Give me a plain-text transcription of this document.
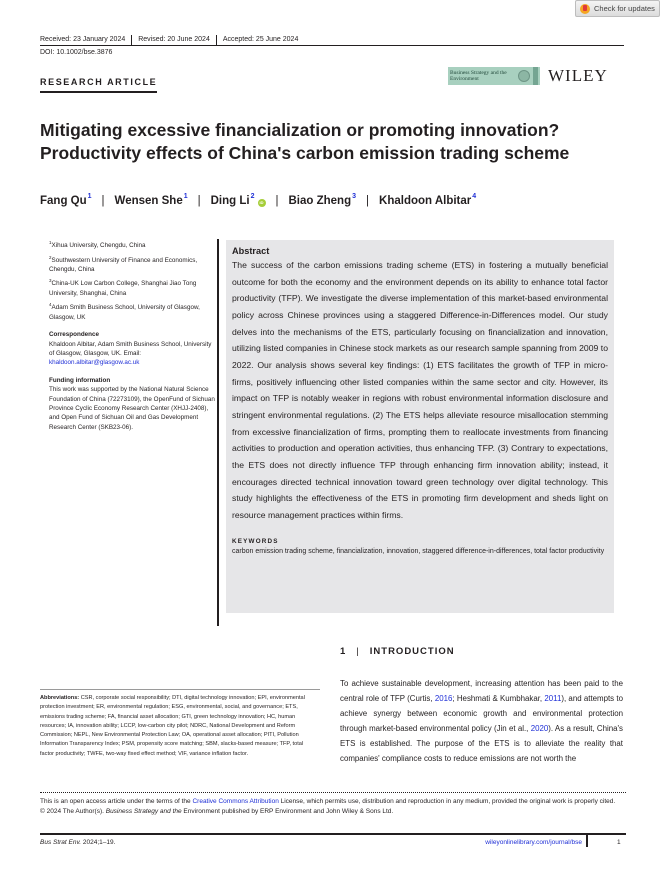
Check for updates
Received: 23 January 2024	Revised: 20 June 2024	Accepted: 25 June 2024
DOI: 10.1002/bse.3876
RESEARCH ARTICLE
Business Strategy and the Environment	WILEY
Mitigating excessive financialization or promoting innovation? Productivity effects of China's carbon emission trading scheme
Fang Qu$^1$ | Wensen She$^1$ | Ding Li$^2$iD | Biao Zheng$^3$ | Khaldoon Albitar$^4$
$^1$Xihua University, Chengdu, China
$^2$Southwestern University of Finance and Economics, Chengdu, China
$^3$China-UK Low Carbon College, Shanghai Jiao Tong University, Shanghai, China
$^4$Adam Smith Business School, University of Glasgow, Glasgow, UK
Correspondence
Khaldoon Albitar, Adam Smith Business School, University of Glasgow, Glasgow, UK. Email: khaldoon.albitar@glasgow.ac.uk
Funding information
This work was supported by the National Natural Science Foundation of China (72273109), the OpenFund of Sichuan Province Cyclic Economy Research Center (XHJJ-2408), and Open Fund of Sichuan Oil and Gas Development Research Center (SKB23-06).
Abstract
The success of the carbon emissions trading scheme (ETS) in fostering a mutually beneficial outcome for both the economy and the environment depends on its ability to enhance total factor productivity (TFP). We investigate the diverse implementation of this market-based environmental policy across Chinese provinces using a staggered Difference-in-Differences model. Our study delves into the mechanisms of the ETS, particularly focusing on financialization and innovation, utilizing listed companies in Chinese stock markets as our research sample spanning from 2009 to 2022. Our analysis shows several key findings: (1) ETS facilitates the growth of TFP in micro-firms, positively influencing other listed companies within the same sector and city. However, its impact on TFP is notably weaker in regions with robust environmental information disclosure and stringent environmental regulations. (2) The ETS helps alleviate resource misallocation stemming from excessive financialization of firms, prompting them to reallocate investments from financing activities to production and operation activities, thus enhancing TFP. (3) Contrary to expectations, the ETS does not directly influence TFP through enhancing firm innovation ability; instead, it encourages directed technical innovation toward green technology over digital technology. This study highlights the effectiveness of the ETS in promoting firm development and sheds light on resource management practices within firms.
KEYWORDS
carbon emission trading scheme, financialization, innovation, staggered difference-in-differences, total factor productivity
1 | INTRODUCTION
To achieve sustainable development, increasing attention has been paid to the central role of TFP (Curtis, 2016; Heshmati & Kumbhakar, 2011), and attempts to achieve synergy between economic growth and environmental protection through market-based environmental policy (Jin et al., 2020). As a result, China's ETS is established. The purpose of the ETS is to alleviate the reality that companies' compliance costs to reduce emissions are not worth the
Abbreviations: CSR, corporate social responsibility; DTI, digital technology innovation; EPI, environmental protection investment; ER, environmental regulation; ESG, environmental, social, and governance; ETS, emissions trading scheme; FA, financial asset allocation; GTI, green technology innovation; HC, human resources; IA, innovation ability; LCCP, low-carbon city pilot; NDRC, National Development and Reform Commission; NEPL, New Environmental Protection Law; OA, operational asset allocation; PITI, Pollution Information Transparency Index; PSM, propensity score matching; SBM, slacks-based measure; TFP, total factor productivity; TWFE, two-way fixed effect method; VIF, variance inflation factor.
This is an open access article under the terms of the Creative Commons Attribution License, which permits use, distribution and reproduction in any medium, provided the original work is properly cited.
© 2024 The Author(s). Business Strategy and the Environment published by ERP Environment and John Wiley & Sons Ltd.
Bus Strat Env. 2024;1–19.	wileyonlinelibrary.com/journal/bse	1
